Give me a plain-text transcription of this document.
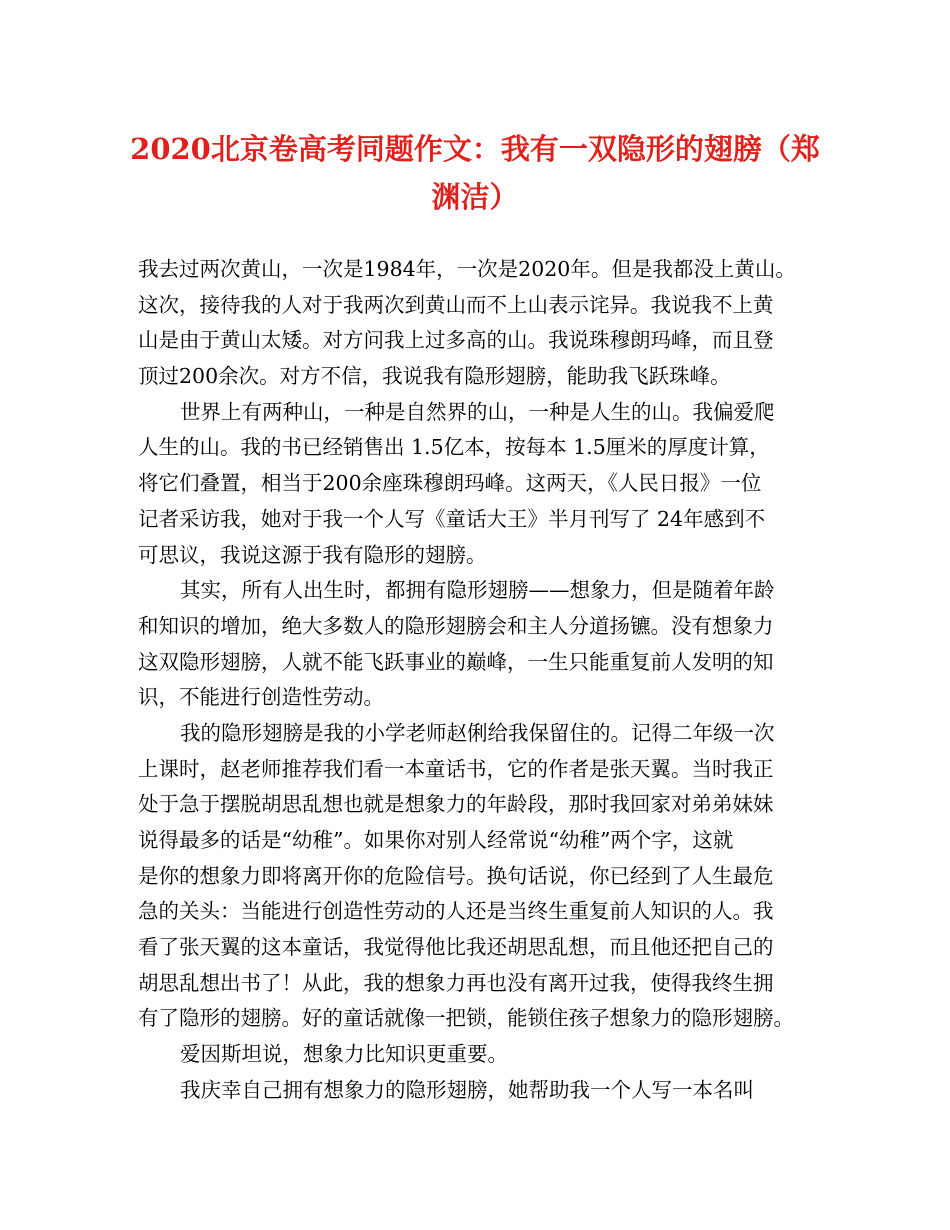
2020北京卷高考同题作文：我有一双隐形的翅膀（郑
渊洁）
我去过两次黄山，一次是1984年，一次是2020年。但是我都没上黄山。
这次，接待我的人对于我两次到黄山而不上山表示诧异。我说我不上黄
山是由于黄山太矮。对方问我上过多高的山。我说珠穆朗玛峰，而且登
顶过200余次。对方不信，我说我有隐形翅膀，能助我飞跃珠峰。
世界上有两种山，一种是自然界的山，一种是人生的山。我偏爱爬
人生的山。我的书已经销售出 1.5亿本，按每本 1.5厘米的厚度计算，
将它们叠置，相当于200余座珠穆朗玛峰。这两天，《人民日报》一位
记者采访我，她对于我一个人写《童话大王》半月刊写了 24年感到不
可思议，我说这源于我有隐形的翅膀。
其实，所有人出生时，都拥有隐形翅膀——想象力，但是随着年龄
和知识的增加，绝大多数人的隐形翅膀会和主人分道扬镳。没有想象力
这双隐形翅膀，人就不能飞跃事业的巅峰，一生只能重复前人发明的知
识，不能进行创造性劳动。
我的隐形翅膀是我的小学老师赵俐给我保留住的。记得二年级一次
上课时，赵老师推荐我们看一本童话书，它的作者是张天翼。当时我正
处于急于摆脱胡思乱想也就是想象力的年龄段，那时我回家对弟弟妹妹
说得最多的话是“幼稚”。如果你对别人经常说“幼稚”两个字，这就
是你的想象力即将离开你的危险信号。换句话说，你已经到了人生最危
急的关头：当能进行创造性劳动的人还是当终生重复前人知识的人。我
看了张天翼的这本童话，我觉得他比我还胡思乱想，而且他还把自己的
胡思乱想出书了！从此，我的想象力再也没有离开过我，使得我终生拥
有了隐形的翅膀。好的童话就像一把锁，能锁住孩子想象力的隐形翅膀。
爱因斯坦说，想象力比知识更重要。
我庆幸自己拥有想象力的隐形翅膀，她帮助我一个人写一本名叫
